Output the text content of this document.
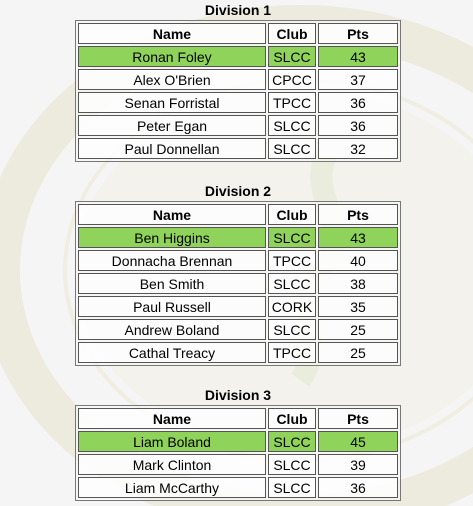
Division 1
Name	Club	Pts
Ronan Foley	SLCC	43
Alex O'Brien	CPCC	37
Senan Forristal	TPCC	36
Peter Egan	SLCC	36
Paul Donnellan	SLCC	32
Division 2
Name	Club	Pts
Ben Higgins	SLCC	43
Donnacha Brennan	TPCC	40
Ben Smith	SLCC	38
Paul Russell	CORK	35
Andrew Boland	SLCC	25
Cathal Treacy	TPCC	25
Division 3
Name	Club	Pts
Liam Boland	SLCC	45
Mark Clinton	SLCC	39
Liam McCarthy	SLCC	36
